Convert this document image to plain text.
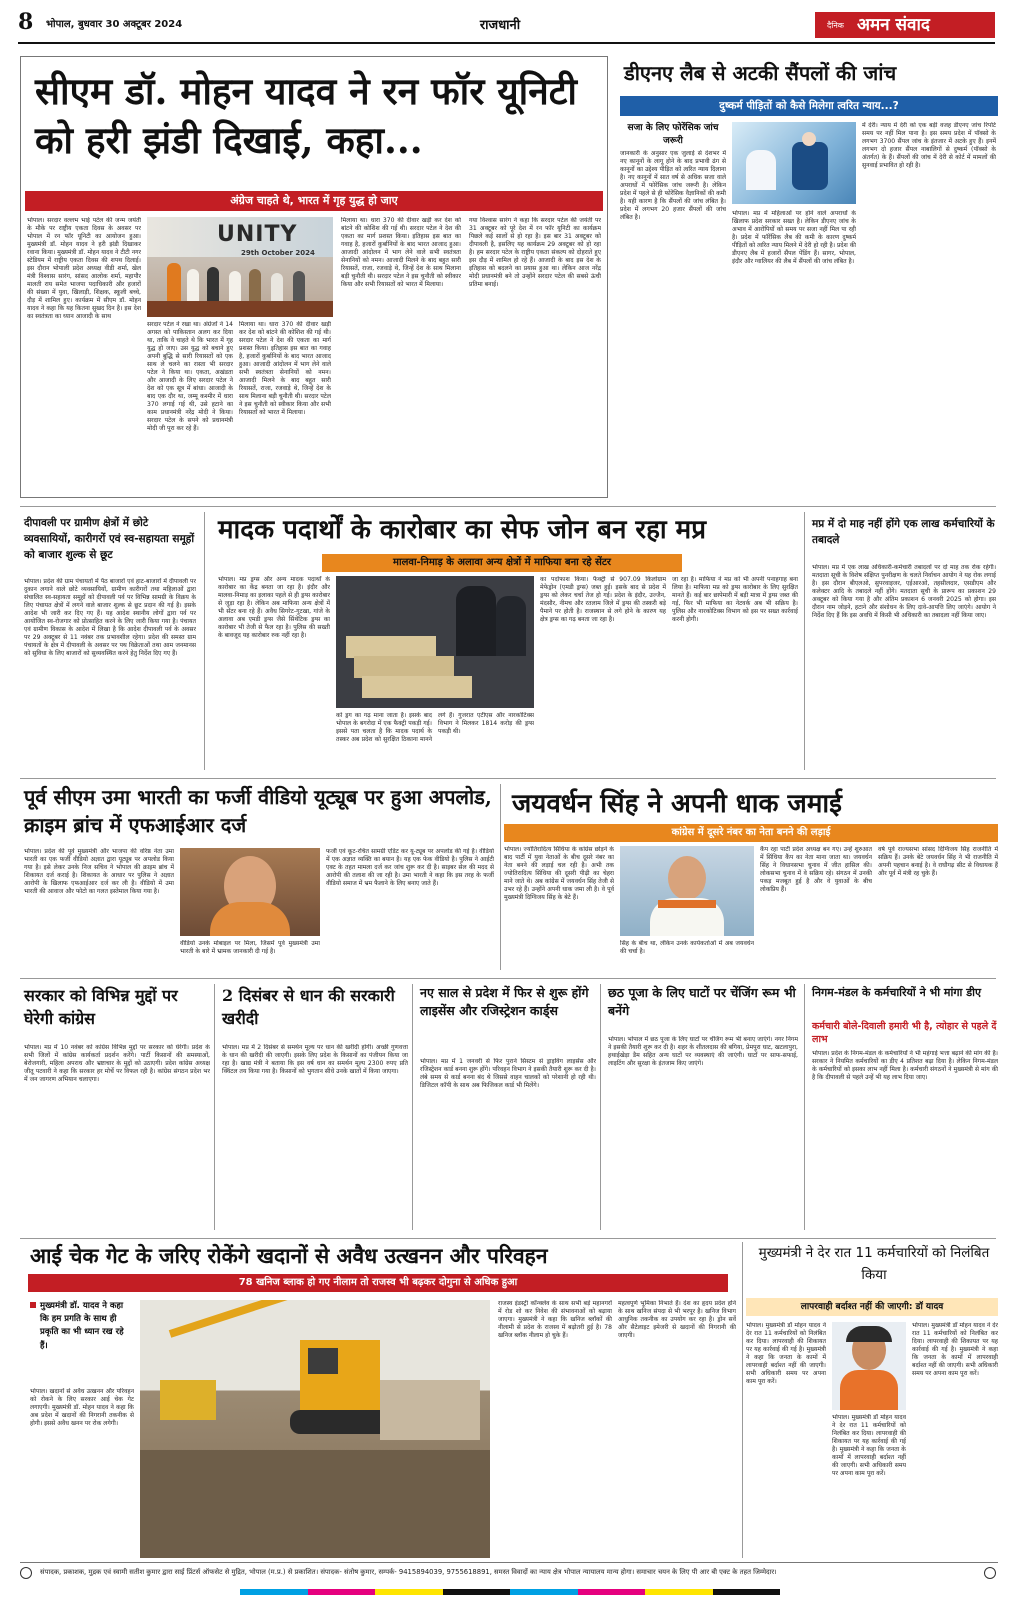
8 भोपाल, बुधवार 30 अक्टूबर 2024	राजधानी	दैनिक अमन संवाद
सीएम डॉ. मोहन यादव ने रन फॉर यूनिटी को हरी झंडी दिखाई, कहा...
अंग्रेज चाहते थे, भारत में गृह युद्ध हो जाए
भोपाल। सरदार वल्लभ भाई पटेल की जन्म जयंती के मौके पर राष्ट्रीय एकता दिवस के अवसर पर भोपाल में रन फॉर यूनिटी का आयोजन हुआ। मुख्यमंत्री डॉ. मोहन यादव ने हरी झंडी दिखाकर रवाना किया। मुख्यमंत्री डॉ. मोहन यादव ने टीटी नगर स्टेडियम में राष्ट्रीय एकता दिवस की शपथ दिलाई। इस दौरान भोपाली प्रदेश अध्यक्ष वीडी शर्मा, खेल मंत्री विश्वास सारंग, सांसद आलोक शर्मा, महापौर मालती राय समेत भाजपा पदाधिकारी और हजारों की संख्या में युवा, खिलाड़ी, शिक्षक, स्कूली बच्चे, दौड़ में शामिल हुए। कार्यक्रम में सीएम डॉ. मोहन यादव ने कहा कि यह कितना सुखद दिन है। इस देश का स्वतंत्रता का ध्यान आजादी के साथ
UNITY
29th October 2024
सरदार पटेल ने रखा था। अंग्रेजों ने 14 अगस्त को पाकिस्तान अलग कर दिया था, ताकि वे चाहते थे कि भारत में गृह युद्ध हो जाए। उस युद्ध को बचाने हुए अपनी बुद्धि से सारी रियासतों को एक साथ ले चलने का रास्ता भी सरदार पटेल ने किया था। एकता, अखंडता और आजादी के लिए सरदार पटेल ने देश को एक सूत्र में बांधा। आजादी के बाद एक दौर था, जम्मू कश्मीर में धारा 370 लगाई गई थी, उसे हटाने का काम प्रधानमंत्री नरेंद्र मोदी ने किया। सरदार पटेल के सपने को प्रधानमंत्री मोदी जी पूरा कर रहे हैं।
मिलाया था। धारा 370 की दीवार खड़ी कर देश को बांटने की कोशिश की गई थी। सरदार पटेल ने देश की एकता का मार्ग प्रशस्त किया। इतिहास इस बात का गवाह है, हजारों कुर्बानियों के बाद भारत आजाद हुआ। आजादी आंदोलन में भाग लेने वाले सभी स्वतंत्रता सेनानियों को नमन। आजादी मिलने के बाद बहुत सारी रियासतें, राजा, रजवाड़े थे, जिन्हें देश के साथ मिलाना बड़ी चुनौती थी। सरदार पटेल ने इस चुनौती को स्वीकार किया और सभी रियासतों को भारत में मिलाया।
मिलाया था। धारा 370 की दीवार खड़ी कर देश को बांटने की कोशिश की गई थी। सरदार पटेल ने देश की एकता का मार्ग प्रशस्त किया। इतिहास इस बात का गवाह है, हजारों कुर्बानियों के बाद भारत आजाद हुआ। आजादी आंदोलन में भाग लेने वाले सभी स्वतंत्रता सेनानियों को नमन। आजादी मिलने के बाद बहुत सारी रियासतें, राजा, रजवाड़े थे, जिन्हें देश के साथ मिलाना बड़ी चुनौती थी। सरदार पटेल ने इस चुनौती को स्वीकार किया और सभी रियासतों को भारत में मिलाया।
गया विश्वास सारंग ने कहा कि सरदार पटेल की जयंती पर 31 अक्टूबर को पूरे देश में रन फॉर यूनिटी का कार्यक्रम पिछले कई सालों से हो रहा है। इस बार 31 अक्टूबर को दीपावली है, इसलिए यह कार्यक्रम 29 अक्टूबर को हो रहा है। हम सरदार पटेल के राष्ट्रीय एकता संकल्प को दोहराते हुए इस दौड़ में शामिल हो रहे हैं। आजादी के बाद इस देश के इतिहास को बदलने का प्रयास हुआ था। लेकिन आज नरेंद्र मोदी प्रधानमंत्री बने तो उन्होंने सरदार पटेल की सबसे ऊंची प्रतिमा बनाई।
डीएनए लैब से अटकी सैंपलों की जांच
दुष्कर्म पीड़ितों को कैसे मिलेगा त्वरित न्याय...?
सजा के लिए फोरेंसिक जांच जरूरी
जानकारी के अनुसार एक जुलाई से देशभर में नए कानूनों के लागू होने के बाद प्रभावी ढंग से कानूनों का उद्देश्य पीड़ित को त्वरित न्याय दिलाना है। नए कानूनों में सात वर्ष से अधिक सजा वाले अपराधों में फोरेंसिक जांच जरूरी है। लेकिन प्रदेश में पहले से ही फोरेंसिक वैज्ञानिकों की कमी है। यही कारण है कि सैंपलों की जांच लंबित है। प्रदेश में लगभग 20 हजार सैंपलों की जांच लंबित है।
भोपाल। मप्र में महिलाओं पर होने वाले अपराधों के खिलाफ प्रदेश सरकार सख्त है। लेकिन डीएनए जांच के अभाव में आरोपियों को समय पर सजा नहीं मिल पा रही है। प्रदेश में फॉरेंसिक लैब की कमी के कारण दुष्कर्म पीड़ितों को त्वरित न्याय मिलने में देरी हो रही है। प्रदेश की डीएनए लैब में हजारों सैंपल पेंडिंग हैं। सागर, भोपाल, इंदौर और ग्वालियर की लैब में सैंपलों की जांच लंबित है।
में देरी। न्याय में देरी को एक बड़ी वजह डीएनए जांच रिपोर्ट समय पर नहीं मिल पाना है। इस समय प्रदेश में पॉक्सो के लगभग 3700 सैंपल जांच के इंतजार में अटके हुए हैं। इनमें लगभग दो हजार सैंपल नाबालिगों से दुष्कर्म (पॉक्सो के अंतर्गत) के हैं। सैंपलों की जांच में देरी से कोर्ट में मामलों की सुनवाई प्रभावित हो रही है।
दीपावली पर ग्रामीण क्षेत्रों में छोटे व्यवसायियों, कारीगरों एवं स्व-सहायता समूहों को बाजार शुल्क से छूट
भोपाल। प्रदेश की ग्राम पंचायतों में पैठ बाजारों एवं हाट-बाजारों में दीपावली पर दुकान लगाने वाले छोटे व्यवसायियों, ग्रामीण कारीगरों तथा महिलाओं द्वारा संचालित स्व-सहायता समूहों को दीपावली पर्व पर विभिन्न सामग्री के विक्रय के लिए पंचायत क्षेत्रों में लगने वाले बाजार शुल्क से छूट प्रदान की गई है। इसके आदेश भी जारी कर दिए गए हैं। यह आदेश स्थानीय लोगों द्वारा पर्व पर आयोजित स्व-रोजगार को प्रोत्साहित करने के लिए जारी किया गया है। पंचायत एवं ग्रामीण विकास के आदेश में लिखा है कि आदेश दीपावली पर्व के अवसर पर 29 अक्टूबर से 11 नवंबर तक प्रभावशील रहेगा। प्रदेश की समस्त ग्राम पंचायतों के क्षेत्र में दीपावली के अवसर पर पथ विक्रेताओं तथा आम जनमानस को सुविधा के लिए बाजारों को सुव्यवस्थित करने हेतु निर्देश दिए गए हैं।
मादक पदार्थों के कारोबार का सेफ जोन बन रहा मप्र
मालवा-निमाड़ के अलावा अन्य क्षेत्रों में माफिया बना रहे सेंटर
भोपाल। मप्र ड्रग्स और अन्य मादक पदार्थों के कारोबार का केंद्र बनता जा रहा है। इंदौर और मालवा-निमाड़ का इलाका पहले से ही ड्रग्स कारोबार से जुड़ा रहा है। लेकिन अब माफिया अन्य क्षेत्रों में भी सेंटर बना रहे हैं। अवैध सिगरेट-गुटखा, गांजे के अलावा अब एमडी ड्रग्स जैसे सिंथेटिक ड्रग्स का कारोबार भी तेजी से फैल रहा है। पुलिस की सख्ती के बावजूद यह कारोबार रुक नहीं रहा है।
को ड्रग का गढ़ माना जाता है। इसके बाद भोपाल के बगरोदा में एक फैक्ट्री पकड़ी गई। इससे पता चलता है कि मादक पदार्थ के तस्कर अब प्रदेश को सुरक्षित ठिकाना मानने लगे हैं। गुजरात एटीएस और नारकोटिक्स विभाग ने मिलकर 1814 करोड़ की ड्रग्स पकड़ी थी।
का पर्दाफाश किया। फैक्ट्री से 907.09 किलोग्राम मेफेड्रोन (एमडी ड्रग्स) जब्त हुई। इसके बाद से प्रदेश में ड्रग्स को लेकर चर्चा तेज हो गई। प्रदेश के इंदौर, उज्जैन, मंदसौर, नीमच और रतलाम जिले में ड्रग्स की तस्करी बड़े पैमाने पर होती है। राजस्थान से लगे होने के कारण यह क्षेत्र ड्रग्स का गढ़ बनता जा रहा है।
जा रहा है। माफिया ने मप्र को भी अपनी पनाहगाह बना लिया है। माफिया मप्र को ड्रग्स कारोबार के लिए सुरक्षित मानते हैं। कई बार छापेमारी में बड़ी मात्रा में ड्रग्स जब्त की गई, फिर भी माफिया का नेटवर्क अब भी सक्रिय है। पुलिस और नारकोटिक्स विभाग को इस पर सख्त कार्रवाई करनी होगी।
मप्र में दो माह नहीं होंगे एक लाख कर्मचारियों के तबादले
भोपाल। मप्र में एक लाख अधिकारी-कर्मचारी तबादलों पर दो माह तक रोक रहेगी। मतदाता सूची के विशेष संक्षिप्त पुनरीक्षण के चलते निर्वाचन आयोग ने यह रोक लगाई है। इस दौरान बीएलओ, सुपरवाइजर, एईआरओ, तहसीलदार, एसडीएम और कलेक्टर आदि के तबादले नहीं होंगे। मतदाता सूची के प्रारूप का प्रकाशन 29 अक्टूबर को किया गया है और अंतिम प्रकाशन 6 जनवरी 2025 को होगा। इस दौरान नाम जोड़ने, हटाने और संशोधन के लिए दावे-आपत्ति लिए जाएंगे। आयोग ने निर्देश दिए हैं कि इस अवधि में किसी भी अधिकारी का तबादला नहीं किया जाए।
पूर्व सीएम उमा भारती का फर्जी वीडियो यूट्यूब पर हुआ अपलोड, क्राइम ब्रांच में एफआईआर दर्ज
भोपाल। प्रदेश की पूर्व मुख्यमंत्री और भाजपा की वरिष्ठ नेता उमा भारती का एक फर्जी वीडियो अज्ञात द्वारा यूट्यूब पर अपलोड किया गया है। इसे लेकर उनके निज सचिव ने भोपाल की क्राइम ब्रांच में शिकायत दर्ज कराई है। शिकायत के आधार पर पुलिस ने अज्ञात आरोपी के खिलाफ एफआईआर दर्ज कर ली है। वीडियो में उमा भारती की आवाज और फोटो का गलत इस्तेमाल किया गया है।
वीडियो उनके मोबाइल पर मिला, जिसमें पूर्व मुख्यमंत्री उमा भारती के बारे में भ्रामक जानकारी दी गई है।
फर्जी एवं कूट-रचित सामग्री एडिट कर यू-ट्यूब पर अपलोड की गई है। वीडियो में एक अज्ञात व्यक्ति का बयान है। यह एक फेक वीडियो है। पुलिस ने आईटी एक्ट के तहत मामला दर्ज कर जांच शुरू कर दी है। साइबर सेल की मदद से आरोपी की तलाश की जा रही है। उमा भारती ने कहा कि इस तरह के फर्जी वीडियो समाज में भ्रम फैलाने के लिए बनाए जाते हैं।
जयवर्धन सिंह ने अपनी धाक जमाई
कांग्रेस में दूसरे नंबर का नेता बनने की लड़ाई
भोपाल। ज्योतिरादित्य सिंधिया के कांग्रेस छोड़ने के बाद पार्टी में युवा नेताओं के बीच दूसरे नंबर का नेता बनने की लड़ाई चल रही है। अभी तक ज्योतिरादित्य सिंधिया की दूसरी पीढ़ी का चेहरा माने जाते थे। अब कांग्रेस में जयवर्धन सिंह तेजी से उभर रहे हैं। उन्होंने अपनी धाक जमा ली है। वे पूर्व मुख्यमंत्री दिग्विजय सिंह के बेटे हैं।
सिंह के बीच था, लेकिन उनके कार्यकर्ताओं में अब जयवर्धन की चर्चा है।
कैंप रहा पार्टी प्रदेश अध्यक्ष बन गए। उन्हें शुरुआत में सिंधिया कैंप का नेता माना जाता था। जयवर्धन सिंह ने विधानसभा चुनाव में जीत हासिल की। लोकसभा चुनाव में वे सक्रिय रहे। संगठन में उनकी पकड़ मजबूत हुई है और वे युवाओं के बीच लोकप्रिय हैं।
वर्ष पूर्व राज्यसभा सांसद दिग्विजय सिंह राजनीति में सक्रिय हैं। उनके बेटे जयवर्धन सिंह ने भी राजनीति में अपनी पहचान बनाई है। वे राघौगढ़ सीट से विधायक हैं और पूर्व में मंत्री रह चुके हैं।
सरकार को विभिन्न मुद्दों पर घेरेगी कांग्रेस
भोपाल। मप्र में 10 नवंबर को कांग्रेस विभिन्न मुद्दों पर सरकार को घेरेगी। प्रदेश के सभी जिलों में कांग्रेस कार्यकर्ता प्रदर्शन करेंगे। पार्टी किसानों की समस्याओं, बेरोजगारी, महिला अपराध और भ्रष्टाचार के मुद्दों को उठाएगी। प्रदेश कांग्रेस अध्यक्ष जीतू पटवारी ने कहा कि सरकार हर मोर्चे पर विफल रही है। कांग्रेस संगठन प्रदेश भर में जन जागरण अभियान चलाएगा।
2 दिसंबर से धान की सरकारी खरीदी
भोपाल। मप्र में 2 दिसंबर से समर्थन मूल्य पर धान की खरीदी होगी। अच्छी गुणवत्ता के धान की खरीदी की जाएगी। इसके लिए प्रदेश के किसानों का पंजीयन किया जा रहा है। खाद्य मंत्री ने बताया कि इस वर्ष धान का समर्थन मूल्य 2300 रुपए प्रति क्विंटल तय किया गया है। किसानों को भुगतान सीधे उनके खातों में किया जाएगा।
नए साल से प्रदेश में फिर से शुरू होंगे लाइसेंस और रजिस्ट्रेशन कार्ड्स
भोपाल। मप्र में 1 जनवरी से फिर पुराने सिस्टम से ड्राइविंग लाइसेंस और रजिस्ट्रेशन कार्ड बनना शुरू होंगे। परिवहन विभाग ने इसकी तैयारी शुरू कर दी है। लंबे समय से कार्ड बनना बंद थे जिससे वाहन चालकों को परेशानी हो रही थी। डिजिटल कॉपी के साथ अब फिजिकल कार्ड भी मिलेंगे।
छठ पूजा के लिए घाटों पर चेंजिंग रूम भी बनेंगे
भोपाल। भोपाल में छठ पूजा के लिए घाटों पर चेंजिंग रूम भी बनाए जाएंगे। नगर निगम ने इसकी तैयारी शुरू कर दी है। शहर के शीतलदास की बगिया, प्रेमपुरा घाट, खटलापुरा, हथाईखेड़ा डैम सहित अन्य घाटों पर व्यवस्थाएं की जाएंगी। घाटों पर साफ-सफाई, लाइटिंग और सुरक्षा के इंतजाम किए जाएंगे।
निगम-मंडल के कर्मचारियों ने भी मांगा डीए
कर्मचारी बोले-दिवाली हमारी भी है, त्योहार से पहले दें लाभ
भोपाल। प्रदेश के निगम-मंडल के कर्मचारियों ने भी महंगाई भत्ता बढ़ाने की मांग की है। सरकार ने नियमित कर्मचारियों का डीए 4 प्रतिशत बढ़ा दिया है। लेकिन निगम-मंडल के कर्मचारियों को इसका लाभ नहीं मिला है। कर्मचारी संगठनों ने मुख्यमंत्री से मांग की है कि दीपावली से पहले उन्हें भी यह लाभ दिया जाए।
आई चेक गेट के जरिए रोकेंगे खदानों से अवैध उत्खनन और परिवहन
78 खनिज ब्लाक हो गए नीलाम तो राजस्व भी बढ़कर दोगुना से अधिक हुआ
मुख्यमंत्री डॉ. यादव ने कहा कि हम प्रगति के साथ ही प्रकृति का भी ध्यान रख रहे हैं।
भोपाल। खदानों से अवैध उत्खनन और परिवहन को रोकने के लिए सरकार आई चेक गेट लगाएगी। मुख्यमंत्री डॉ. मोहन यादव ने कहा कि अब प्रदेश में खदानों की निगरानी तकनीक से होगी। इससे अवैध खनन पर रोक लगेगी।
राजस्व इंडस्ट्री कॉन्क्लेव के साथ सभी बड़े महानगरों में रोड शो कर निवेश की संभावनाओं को बढ़ाया जाएगा। मुख्यमंत्री ने कहा कि खनिज ब्लॉकों की नीलामी से प्रदेश के राजस्व में बढ़ोतरी हुई है। 78 खनिज ब्लॉक नीलाम हो चुके हैं।
महत्वपूर्ण भूमिका निभाते हैं। देश का हृदय प्रदेश होने के साथ खनिज संपदा से भी भरपूर है। खनिज विभाग आधुनिक तकनीक का उपयोग कर रहा है। ड्रोन सर्वे और सैटेलाइट इमेजरी से खदानों की निगरानी की जाएगी।
मुख्यमंत्री ने देर रात 11 कर्मचारियों को निलंबित किया
लापरवाही बर्दाश्त नहीं की जाएगी: डॉ यादव
भोपाल। मुख्यमंत्री डॉ मोहन यादव ने देर रात 11 कर्मचारियों को निलंबित कर दिया। लापरवाही की शिकायत पर यह कार्रवाई की गई है। मुख्यमंत्री ने कहा कि जनता के कामों में लापरवाही बर्दाश्त नहीं की जाएगी। सभी अधिकारी समय पर अपना काम पूरा करें।
भोपाल। मुख्यमंत्री डॉ मोहन यादव ने देर रात 11 कर्मचारियों को निलंबित कर दिया। लापरवाही की शिकायत पर यह कार्रवाई की गई है। मुख्यमंत्री ने कहा कि जनता के कामों में लापरवाही बर्दाश्त नहीं की जाएगी। सभी अधिकारी समय पर अपना काम पूरा करें।
भोपाल। मुख्यमंत्री डॉ मोहन यादव ने देर रात 11 कर्मचारियों को निलंबित कर दिया। लापरवाही की शिकायत पर यह कार्रवाई की गई है। मुख्यमंत्री ने कहा कि जनता के कामों में लापरवाही बर्दाश्त नहीं की जाएगी। सभी अधिकारी समय पर अपना काम पूरा करें।
संपादक, प्रकाशक, मुद्रक एवं स्वामी सतीश कुमार द्वारा साई प्रिंटर्स ऑफसेट से मुद्रित, भोपाल (म.प्र.) से प्रकाशित। संपादक- संतोष कुमार, सम्पर्क- 9415894039, 9755618891, समस्त विवादों का न्याय क्षेत्र भोपाल न्यायालय मान्य होगा। समाचार चयन के लिए पी आर बी एक्ट के तहत जिम्मेदार।
